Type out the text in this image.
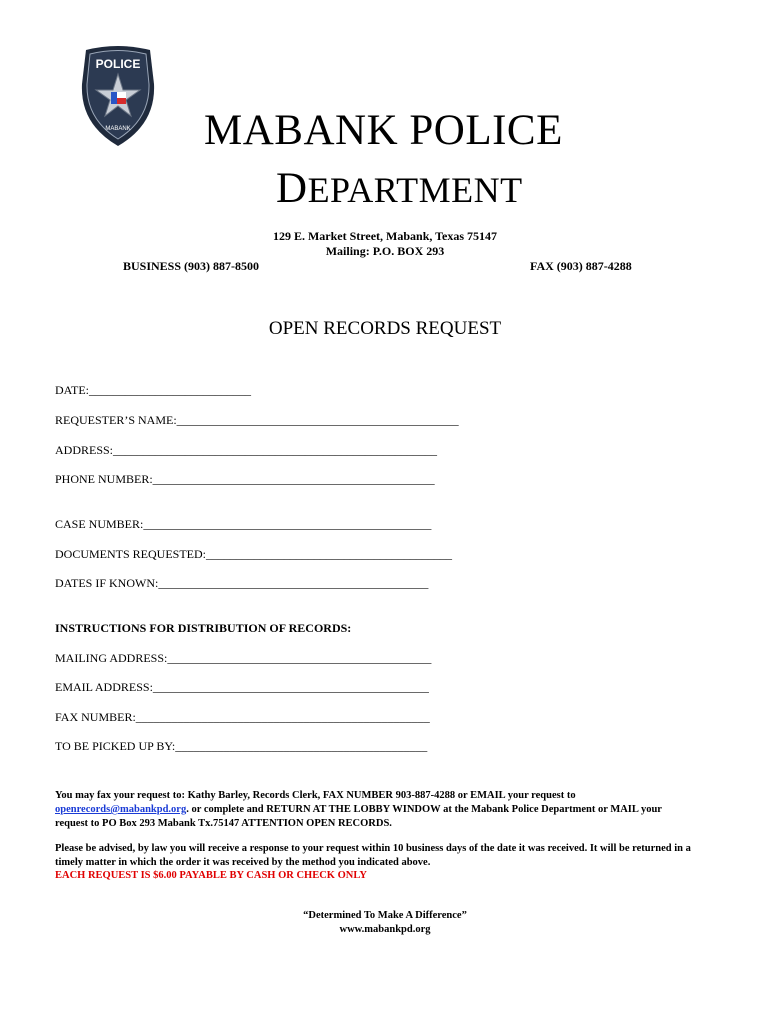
POLICE
MABANK MABANK POLICE
DEPARTMENT
129 E. Market Street, Mabank, Texas 75147
Mailing: P.O. BOX 293
BUSINESS (903) 887-8500	FAX (903) 887-4288
OPEN RECORDS REQUEST
DATE:___________________________
REQUESTER’S NAME:_______________________________________________
ADDRESS:______________________________________________________
PHONE NUMBER:_______________________________________________
CASE NUMBER:________________________________________________
DOCUMENTS REQUESTED:_________________________________________
DATES IF KNOWN:_____________________________________________
INSTRUCTIONS FOR DISTRIBUTION OF RECORDS:
MAILING ADDRESS:____________________________________________
EMAIL ADDRESS:______________________________________________
FAX NUMBER:_________________________________________________
TO BE PICKED UP BY:__________________________________________
You may fax your request to: Kathy Barley, Records Clerk, FAX NUMBER 903-887-4288 or EMAIL your request to openrecords@mabankpd.org. or complete and RETURN AT THE LOBBY WINDOW at the Mabank Police Department or MAIL your request to PO Box 293 Mabank Tx.75147 ATTENTION OPEN RECORDS.
Please be advised, by law you will receive a response to your request within 10 business days of the date it was received. It will be returned in a timely matter in which the order it was received by the method you indicated above.
EACH REQUEST IS $6.00 PAYABLE BY CASH OR CHECK ONLY
“Determined To Make A Difference”
www.mabankpd.org
